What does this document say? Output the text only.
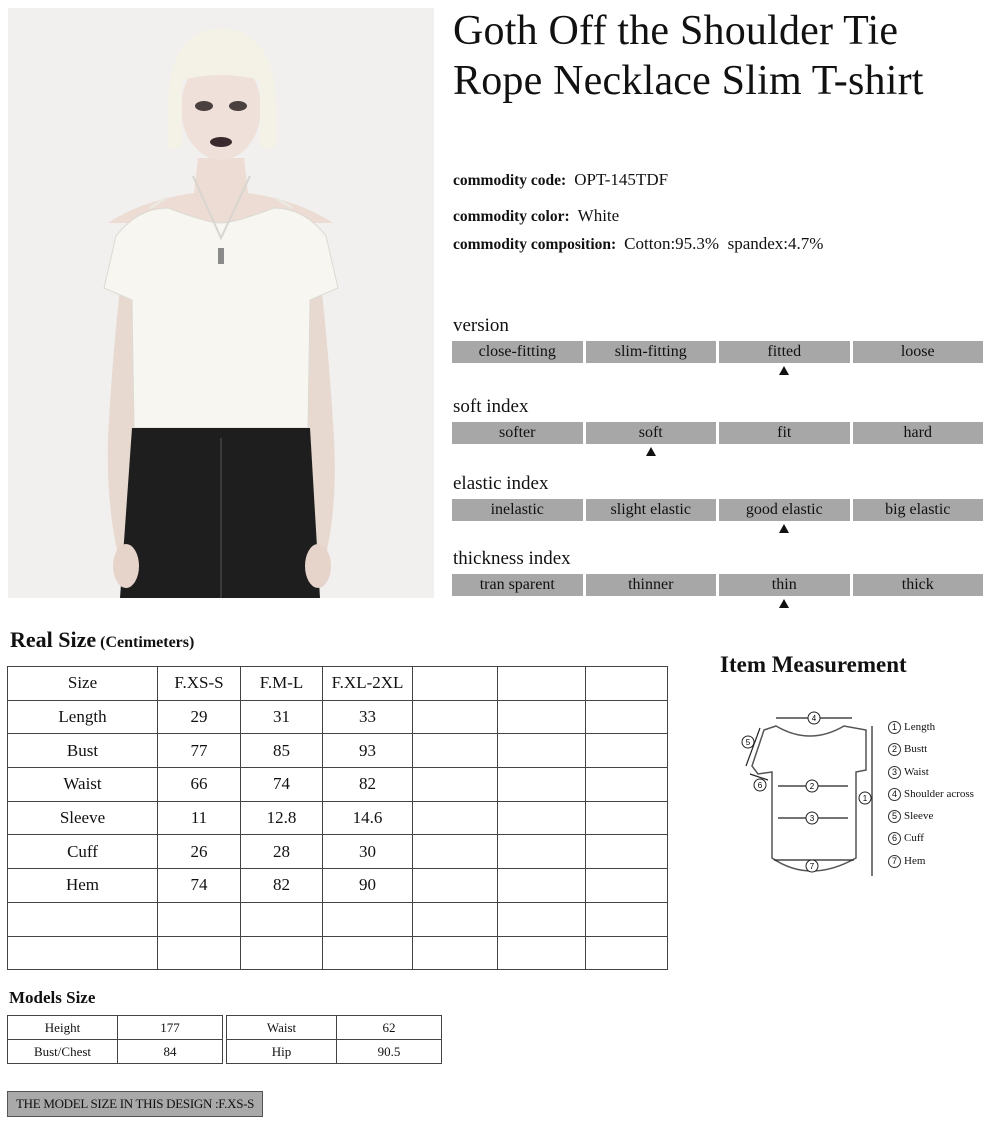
Goth Off the Shoulder Tie
Rope Necklace Slim T-shirt
commodity code: OPT-145TDF
commodity color: White
commodity composition: Cotton:95.3%  spandex:4.7%
version
close-fitting	slim-fitting	fitted	loose
soft index
softer	soft	fit	hard
elastic index
inelastic	slight elastic	good elastic	big elastic
thickness index
tran sparent	thinner	thin	thick
Real Size (Centimeters)
Size	F.XS-S	F.M-L	F.XL-2XL			
Length	29	31	33			
Bust	77	85	93			
Waist	66	74	82			
Sleeve	11	12.8	14.6			
Cuff	26	28	30			
Hem	74	82	90			

Item Measurement
4
2
3
7
1
5
6
1 Length
2 Bustt
3 Waist
4 Shoulder across
5 Sleeve
6 Cuff
7 Hem
Models Size
Height	177
Bust/Chest	84
Waist	62
Hip	90.5
THE MODEL SIZE IN THIS DESIGN :F.XS-S
